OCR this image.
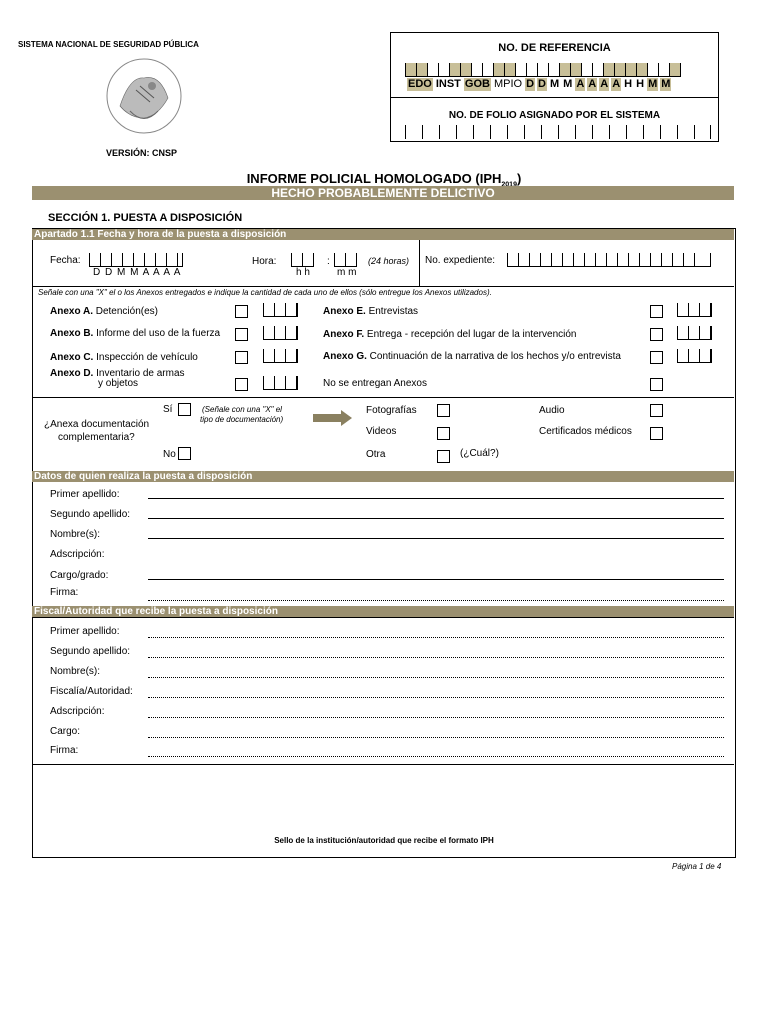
SISTEMA NACIONAL DE SEGURIDAD PÚBLICA
VERSIÓN: CNSP
NO. DE REFERENCIA
EDO INST GOB MPIO D D M M A A A A H H M M
NO. DE FOLIO ASIGNADO POR EL SISTEMA
INFORME POLICIAL HOMOLOGADO (IPH )
HECHO PROBABLEMENTE DELICTIVO
SECCIÓN 1. PUESTA A DISPOSICIÓN
Apartado 1.1 Fecha y hora de la puesta a disposición
Fecha:
D D M M A A A A
Hora:	:	(24 horas)
h h	m m
No. expediente:
Señale con una "X" el o los Anexos entregados e indique la cantidad de cada uno de ellos (sólo entregue los Anexos utilizados).
Anexo A. Detención(es)
Anexo B. Informe del uso de la fuerza
Anexo C. Inspección de vehículo
Anexo D. Inventario de armas
y objetos
Anexo E. Entrevistas
Anexo F. Entrega - recepción del lugar de la intervención
Anexo G. Continuación de la narrativa de los hechos y/o entrevista
No se entregan Anexos
¿Anexa documentación
complementaria?
Sí
No
(Señale con una "X" el
tipo de documentación)
Fotografías
Videos
Otra	(¿Cuál?)
Audio
Certificados médicos
Datos de quien realiza la puesta a disposición
Primer apellido:
Segundo apellido:
Nombre(s):
Adscripción:
Cargo/grado:
Firma:
Fiscal/Autoridad que recibe la puesta a disposición
Primer apellido:
Segundo apellido:
Nombre(s):
Fiscalía/Autoridad:
Adscripción:
Cargo:
Firma:
Sello de la institución/autoridad que recibe el formato IPH
Página 1 de 4
